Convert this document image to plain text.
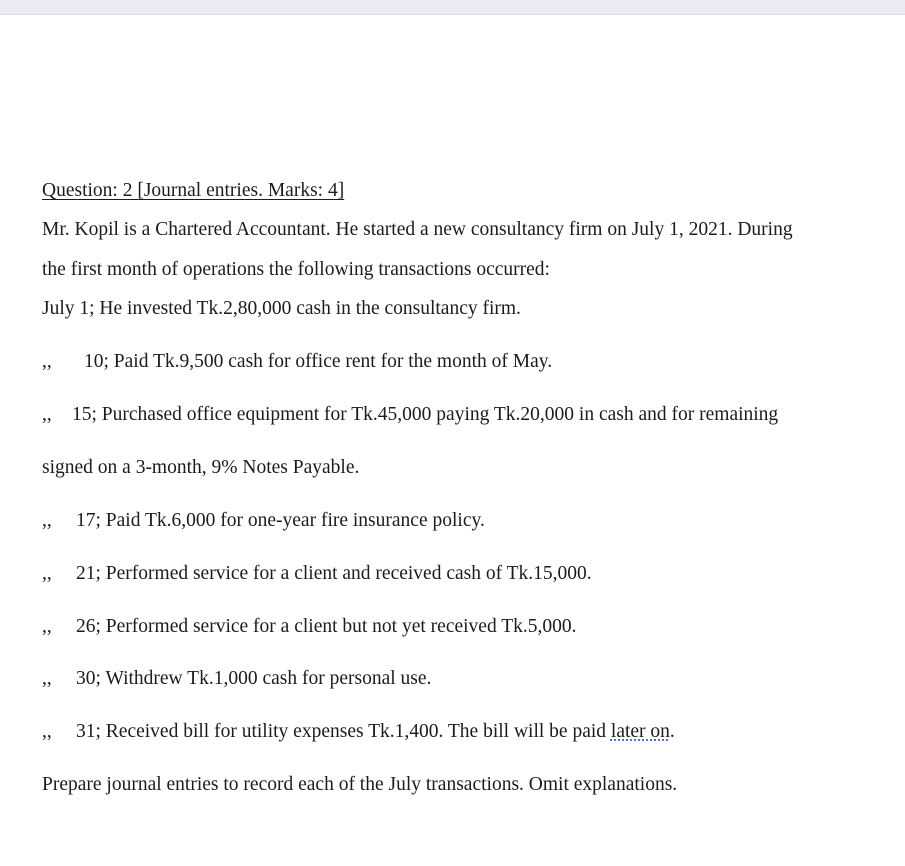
Question: 2 [Journal entries. Marks: 4]
Mr. Kopil is a Chartered Accountant. He started a new consultancy firm on July 1, 2021. During
the first month of operations the following transactions occurred:
July 1; He invested Tk.2,80,000 cash in the consultancy firm.
,, 10; Paid Tk.9,500 cash for office rent for the month of May.
,, 15; Purchased office equipment for Tk.45,000 paying Tk.20,000 in cash and for remaining
signed on a 3-month, 9% Notes Payable.
,, 17; Paid Tk.6,000 for one-year fire insurance policy.
,, 21; Performed service for a client and received cash of Tk.15,000.
,, 26; Performed service for a client but not yet received Tk.5,000.
,, 30; Withdrew Tk.1,000 cash for personal use.
,, 31; Received bill for utility expenses Tk.1,400. The bill will be paid later on.
Prepare journal entries to record each of the July transactions. Omit explanations.
